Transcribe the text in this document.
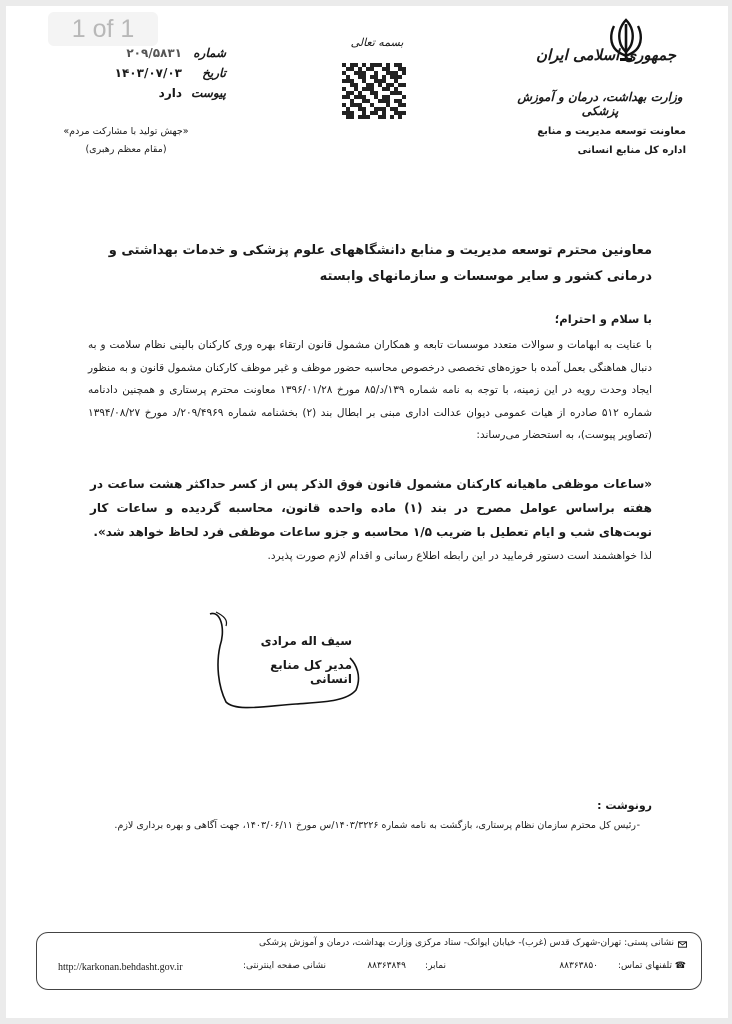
جمهوری اسلامی ایران
وزارت بهداشت، درمان و آموزش پزشکی
معاونت توسعه مدیریت و منابع
اداره کل منابع انسانی
بسمه تعالی
شماره
۲۰۹/۵۸۳۱
تاریخ
۱۴۰۳/۰۷/۰۳
پیوست
دارد
«جهش تولید با مشارکت مردم»
(مقام معظم رهبری)
معاونین محترم توسعه مدیریت و منابع دانشگاههای علوم پزشکی و خدمات بهداشتی و درمانی کشور و سایر موسسات و سازمانهای وابسته
با سلام و احترام؛
با عنایت به ابهامات و سوالات متعدد موسسات تابعه و همکاران مشمول قانون ارتقاء بهره وری کارکنان بالینی نظام سلامت و به دنبال هماهنگی بعمل آمده با حوزه‌های تخصصی درخصوص محاسبه حضور موظف و غیر موظف کارکنان مشمول قانون و به منظور ایجاد وحدت رویه در این زمینه، با توجه به نامه شماره ۱۳۹/د/۸۵ مورخ ۱۳۹۶/۰۱/۲۸ معاونت محترم پرستاری و همچنین دادنامه شماره ۵۱۲ صادره از هیات عمومی دیوان عدالت اداری مبنی بر ابطال بند (۲) بخشنامه شماره ۲۰۹/۴۹۶۹/د مورخ ۱۳۹۴/۰۸/۲۷ (تصاویر پیوست)، به استحضار می‌رساند:
«ساعات موظفی ماهیانه کارکنان مشمول قانون فوق الذکر پس از کسر حداکثر هشت ساعت در هفته براساس عوامل مصرح در بند (۱) ماده واحده قانون، محاسبه گردیده و ساعات کار نوبت‌های شب و ایام تعطیل با ضریب ۱/۵ محاسبه و جزو ساعات موظفی فرد لحاظ خواهد شد».
لذا خواهشمند است دستور فرمایید در این رابطه اطلاع رسانی و اقدام لازم صورت پذیرد.
سیف اله مرادی
مدیر کل منابع انسانی
رونوشت :
-
رئیس کل محترم سازمان نظام پرستاری، بازگشت به نامه شماره ۱۴۰۳/۳۲۲۶/س مورخ ۱۴۰۳/۰۶/۱۱، جهت آگاهی و بهره برداری لازم.
نشانی پستی: تهران-شهرک قدس (غرب)- خیابان ایوانک- ستاد مرکزی وزارت بهداشت، درمان و آموزش پزشکی
☎
تلفنهای تماس:
۸۸۳۶۳۸۵۰
نمابر:
۸۸۳۶۳۸۴۹
نشانی صفحه اینترنتی:
http://karkonan.behdasht.gov.ir
1 of 1
